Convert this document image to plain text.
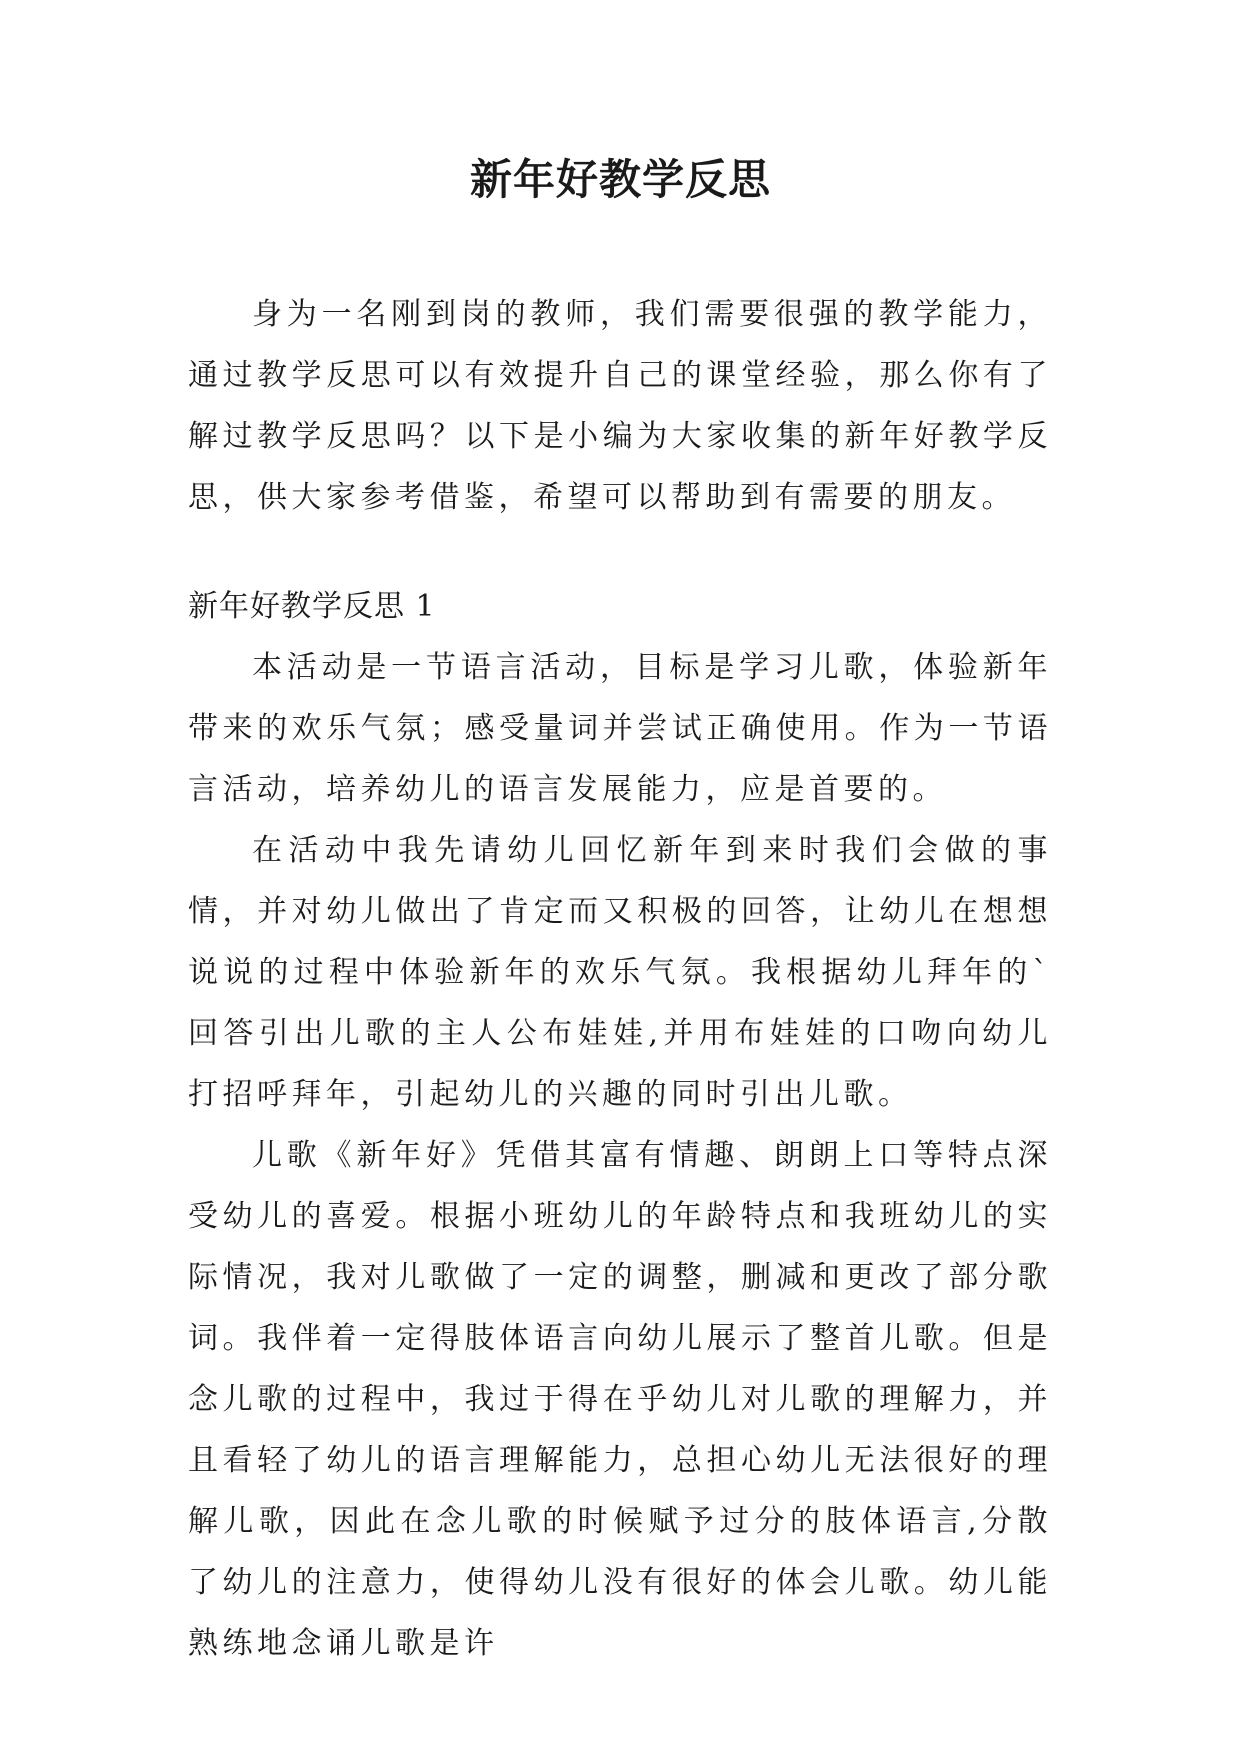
新年好教学反思

身为一名刚到岗的教师，我们需要很强的教学能力，通过教学反思可以有效提升自己的课堂经验，那么你有了解过教学反思吗？以下是小编为大家收集的新年好教学反思，供大家参考借鉴，希望可以帮助到有需要的朋友。

新年好教学反思 1

本活动是一节语言活动，目标是学习儿歌，体验新年带来的欢乐气氛；感受量词并尝试正确使用。作为一节语言活动，培养幼儿的语言发展能力，应是首要的。

在活动中我先请幼儿回忆新年到来时我们会做的事情，并对幼儿做出了肯定而又积极的回答，让幼儿在想想说说的过程中体验新年的欢乐气氛。我根据幼儿拜年的`回答引出儿歌的主人公布娃娃,并用布娃娃的口吻向幼儿打招呼拜年，引起幼儿的兴趣的同时引出儿歌。

儿歌《新年好》凭借其富有情趣、朗朗上口等特点深受幼儿的喜爱。根据小班幼儿的年龄特点和我班幼儿的实际情况，我对儿歌做了一定的调整，删减和更改了部分歌词。我伴着一定得肢体语言向幼儿展示了整首儿歌。但是念儿歌的过程中，我过于得在乎幼儿对儿歌的理解力，并且看轻了幼儿的语言理解能力，总担心幼儿无法很好的理解儿歌，因此在念儿歌的时候赋予过分的肢体语言,分散了幼儿的注意力，使得幼儿没有很好的体会儿歌。幼儿能熟练地念诵儿歌是许
